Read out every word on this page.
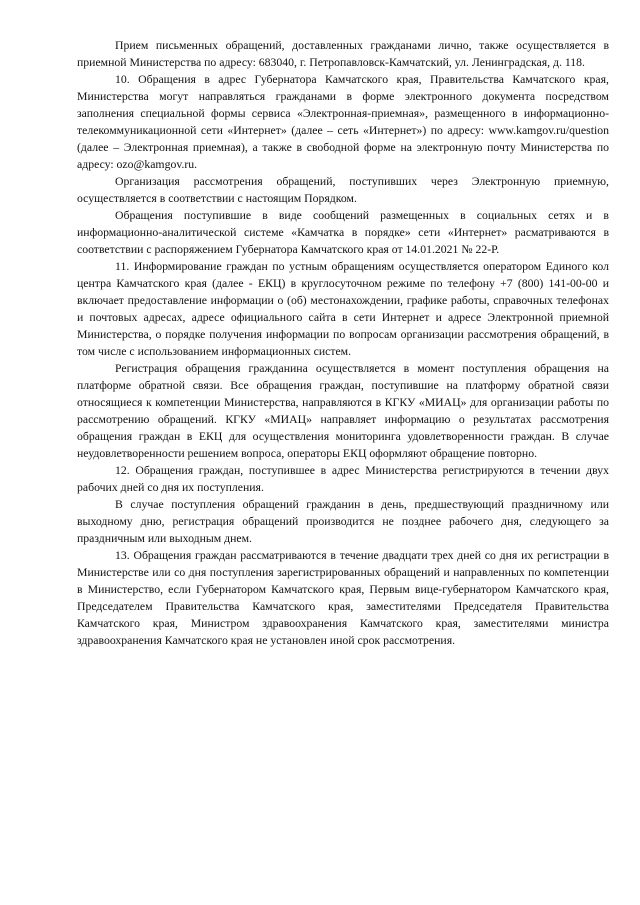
Прием письменных обращений, доставленных гражданами лично, также осуществляется в приемной Министерства по адресу: 683040, г. Петропавловск-Камчатский, ул. Ленинградская, д. 118.

10. Обращения в адрес Губернатора Камчатского края, Правительства Камчатского края, Министерства могут направляться гражданами в форме электронного документа посредством заполнения специальной формы сервиса «Электронная-приемная», размещенного в информационно-телекоммуникационной сети «Интернет» (далее – сеть «Интернет») по адресу: www.kamgov.ru/question (далее – Электронная приемная), а также в свободной форме на электронную почту Министерства по адресу: ozo@kamgov.ru.

Организация рассмотрения обращений, поступивших через Электронную приемную, осуществляется в соответствии с настоящим Порядком.

Обращения поступившие в виде сообщений размещенных в социальных сетях и в информационно-аналитической системе «Камчатка в порядке» сети «Интернет» расматриваются в соответствии с распоряжением Губернатора Камчатского края от 14.01.2021 № 22-Р.

11. Информирование граждан по устным обращениям осуществляется оператором Единого кол центра Камчатского края (далее - ЕКЦ) в круглосуточном режиме по телефону +7 (800) 141-00-00 и включает предоставление информации о (об) местонахождении, графике работы, справочных телефонах и почтовых адресах, адресе официального сайта в сети Интернет и адресе Электронной приемной Министерства, о порядке получения информации по вопросам организации рассмотрения обращений, в том числе с использованием информационных систем.

Регистрация обращения гражданина осуществляется в момент поступления обращения на платформе обратной связи. Все обращения граждан, поступившие на платформу обратной связи относящиеся к компетенции Министерства, направляются в КГКУ «МИАЦ» для организации работы по рассмотрению обращений. КГКУ «МИАЦ» направляет информацию о результатах рассмотрения обращения граждан в ЕКЦ для осуществления мониторинга удовлетворенности граждан. В случае неудовлетворенности решением вопроса, операторы ЕКЦ оформляют обращение повторно.

12. Обращения граждан, поступившее в адрес Министерства регистрируются в течении двух рабочих дней со дня их поступления.

В случае поступления обращений гражданин в день, предшествующий праздничному или выходному дню, регистрация обращений производится не позднее рабочего дня, следующего за праздничным или выходным днем.

13. Обращения граждан рассматриваются в течение двадцати трех дней со дня их регистрации в Министерстве или со дня поступления зарегистрированных обращений и направленных по компетенции в Министерство, если Губернатором Камчатского края, Первым вице-губернатором Камчатского края, Председателем Правительства Камчатского края, заместителями Председателя Правительства Камчатского края, Министром здравоохранения Камчатского края, заместителями министра здравоохранения Камчатского края не установлен иной срок рассмотрения.
